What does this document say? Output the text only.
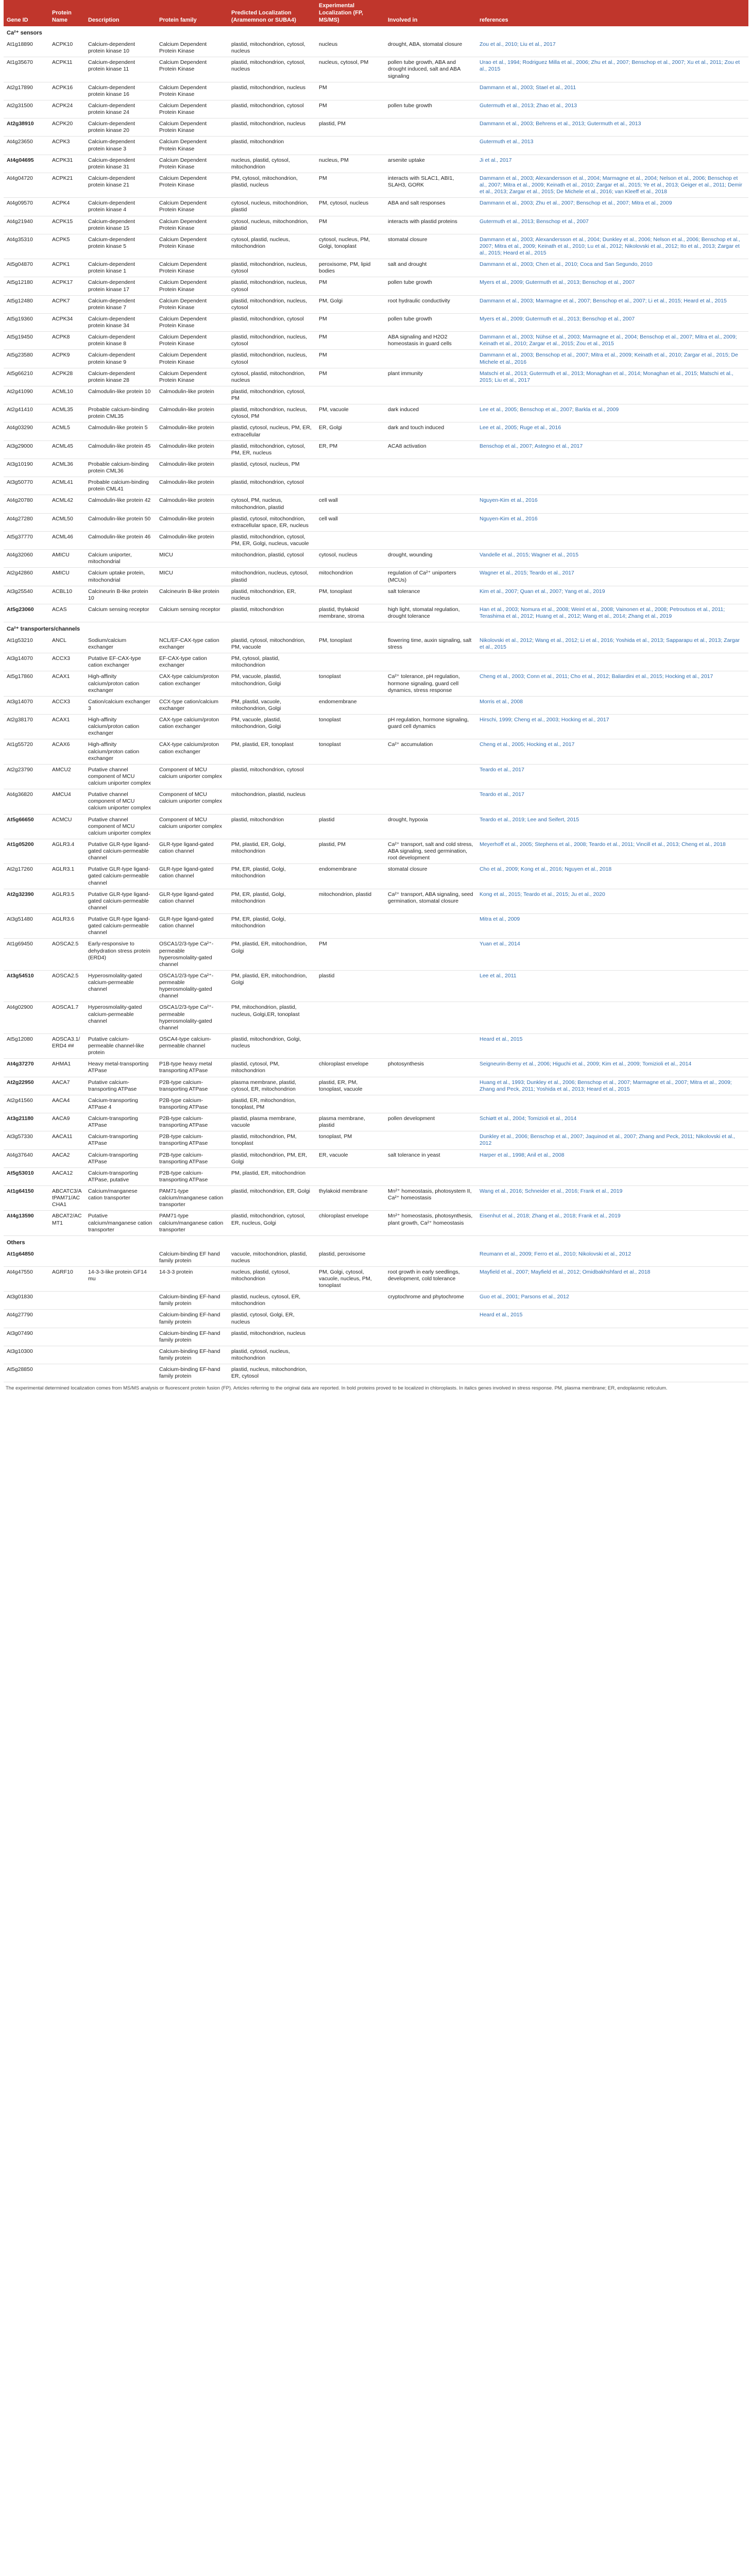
Gene ID	Protein Name	Description	Protein family	Predicted Localization (Aramemnon or SUBA4)	Experimental Localization (FP, MS/MS)	Involved in	references
Ca²⁺ sensors							
At1g18890	ACPK10	Calcium-dependent protein kinase 10	Calcium Dependent Protein Kinase	plastid, mitochondrion, cytosol, nucleus	nucleus	drought, ABA, stomatal closure	Zou et al., 2010; Liu et al., 2017
At1g35670	ACPK11	Calcium-dependent protein kinase 11	Calcium Dependent Protein Kinase	plastid, mitochondrion, cytosol, nucleus	nucleus, cytosol, PM	pollen tube growth, ABA and drought induced, salt and ABA signaling	Urao et al., 1994; Rodriguez Milla et al., 2006; Zhu et al., 2007; Benschop et al., 2007; Xu et al., 2011; Zou et al., 2015
At2g17890	ACPK16	Calcium-dependent protein kinase 16	Calcium Dependent Protein Kinase	plastid, mitochondrion, nucleus	PM		Dammann et al., 2003; Stael et al., 2011
At2g31500	ACPK24	Calcium-dependent protein kinase 24	Calcium Dependent Protein Kinase	plastid, mitochondrion, cytosol	PM	pollen tube growth	Gutermuth et al., 2013; Zhao et al., 2013
At2g38910	ACPK20	Calcium-dependent protein kinase 20	Calcium Dependent Protein Kinase	plastid, mitochondrion, nucleus	plastid, PM		Dammann et al., 2003; Behrens et al., 2013; Gutermuth et al., 2013
At4g23650	ACPK3	Calcium-dependent protein kinase 3	Calcium Dependent Protein Kinase	plastid, mitochondrion			Gutermuth et al., 2013
At4g04695	ACPK31	Calcium-dependent protein kinase 31	Calcium Dependent Protein Kinase	nucleus, plastid, cytosol, mitochondrion	nucleus, PM	arsenite uptake	Ji et al., 2017
At4g04720	ACPK21	Calcium-dependent protein kinase 21	Calcium Dependent Protein Kinase	PM, cytosol, mitochondrion, plastid, nucleus	PM	interacts with SLAC1, ABI1, SLAH3, GORK	Dammann et al., 2003; Alexandersson et al., 2004; Marmagne et al., 2004; Nelson et al., 2006; Benschop et al., 2007; Mitra et al., 2009; Keinath et al., 2010; Zargar et al., 2015; Ye et al., 2013; Geiger et al., 2011; Demir et al., 2013; Zargar et al., 2015; De Michele et al., 2016; van Kleeff et al., 2018
At4g09570	ACPK4	Calcium-dependent protein kinase 4	Calcium Dependent Protein Kinase	cytosol, nucleus, mitochondrion, plastid	PM, cytosol, nucleus	ABA and salt responses	Dammann et al., 2003; Zhu et al., 2007; Benschop et al., 2007; Mitra et al., 2009
At4g21940	ACPK15	Calcium-dependent protein kinase 15	Calcium Dependent Protein Kinase	cytosol, nucleus, mitochondrion, plastid	PM	interacts with plastid proteins	Gutermuth et al., 2013; Benschop et al., 2007
At4g35310	ACPK5	Calcium-dependent protein kinase 5	Calcium Dependent Protein Kinase	cytosol, plastid, nucleus, mitochondrion	cytosol, nucleus, PM, Golgi, tonoplast	stomatal closure	Dammann et al., 2003; Alexandersson et al., 2004; Dunkley et al., 2006; Nelson et al., 2006; Benschop et al., 2007; Mitra et al., 2009; Keinath et al., 2010; Lu et al., 2012; Nikolovski et al., 2012; Ito et al., 2013; Zargar et al., 2015; Heard et al., 2015
At5g04870	ACPK1	Calcium-dependent protein kinase 1	Calcium Dependent Protein Kinase	plastid, mitochondrion, nucleus, cytosol	peroxisome, PM, lipid bodies	salt and drought	Dammann et al., 2003; Chen et al., 2010; Coca and San Segundo, 2010
At5g12180	ACPK17	Calcium-dependent protein kinase 17	Calcium Dependent Protein Kinase	plastid, mitochondrion, nucleus, cytosol	PM	pollen tube growth	Myers et al., 2009; Gutermuth et al., 2013; Benschop et al., 2007
At5g12480	ACPK7	Calcium-dependent protein kinase 7	Calcium Dependent Protein Kinase	plastid, mitochondrion, nucleus, cytosol	PM, Golgi	root hydraulic conductivity	Dammann et al., 2003; Marmagne et al., 2007; Benschop et al., 2007; Li et al., 2015; Heard et al., 2015
At5g19360	ACPK34	Calcium-dependent protein kinase 34	Calcium Dependent Protein Kinase	plastid, mitochondrion, cytosol	PM	pollen tube growth	Myers et al., 2009; Gutermuth et al., 2013; Benschop et al., 2007
At5g19450	ACPK8	Calcium-dependent protein kinase 8	Calcium Dependent Protein Kinase	plastid, mitochondrion, nucleus, cytosol	PM	ABA signaling and H2O2 homeostasis in guard cells	Dammann et al., 2003; Nühse et al., 2003; Marmagne et al., 2004; Benschop et al., 2007; Mitra et al., 2009; Keinath et al., 2010; Zargar et al., 2015; Zou et al., 2015
At5g23580	ACPK9	Calcium-dependent protein kinase 9	Calcium Dependent Protein Kinase	plastid, mitochondrion, nucleus, cytosol	PM		Dammann et al., 2003; Benschop et al., 2007; Mitra et al., 2009; Keinath et al., 2010; Zargar et al., 2015; De Michele et al., 2016
At5g66210	ACPK28	Calcium-dependent protein kinase 28	Calcium Dependent Protein Kinase	cytosol, plastid, mitochondrion, nucleus	PM	plant immunity	Matschi et al., 2013; Gutermuth et al., 2013; Monaghan et al., 2014; Monaghan et al., 2015; Matschi et al., 2015; Liu et al., 2017
At2g41090	ACML10	Calmodulin-like protein 10	Calmodulin-like protein	plastid, mitochondrion, cytosol, PM			
At2g41410	ACML35	Probable calcium-binding protein CML35	Calmodulin-like protein	plastid, mitochondrion, nucleus, cytosol, PM	PM, vacuole	dark induced	Lee et al., 2005; Benschop et al., 2007; Barkla et al., 2009
At4g03290	ACML5	Calmodulin-like protein 5	Calmodulin-like protein	plastid, cytosol, nucleus, PM, ER, extracellular	ER, Golgi	dark and touch induced	Lee et al., 2005; Ruge et al., 2016
At3g29000	ACML45	Calmodulin-like protein 45	Calmodulin-like protein	plastid, mitochondrion, cytosol, PM, ER, nucleus	ER, PM	ACA8 activation	Benschop et al., 2007; Astegno et al., 2017
At3g10190	ACML36	Probable calcium-binding protein CML36	Calmodulin-like protein	plastid, cytosol, nucleus, PM			
At3g50770	ACML41	Probable calcium-binding protein CML41	Calmodulin-like protein	plastid, mitochondrion, cytosol			
At4g20780	ACML42	Calmodulin-like protein 42	Calmodulin-like protein	cytosol, PM, nucleus, mitochondrion, plastid	cell wall		Nguyen-Kim et al., 2016
At4g27280	ACML50	Calmodulin-like protein 50	Calmodulin-like protein	plastid, cytosol, mitochondrion, extracellular space, ER, nucleus	cell wall		Nguyen-Kim et al., 2016
At5g37770	ACML46	Calmodulin-like protein 46	Calmodulin-like protein	plastid, mitochondrion, cytosol, PM, ER, Golgi, nucleus, vacuole			
At4g32060	AMICU	Calcium uniporter, mitochondrial	MICU	mitochondrion, plastid, cytosol	cytosol, nucleus	drought, wounding	Vandelle et al., 2015; Wagner et al., 2015
At2g42860	AMICU	Calcium uptake protein, mitochondrial	MICU	mitochondrion, nucleus, cytosol, plastid	mitochondrion	regulation of Ca²⁺ uniporters (MCUs)	Wagner et al., 2015; Teardo et al., 2017
At3g25540	ACBL10	Calcineurin B-like protein 10	Calcineurin B-like protein	plastid, mitochondrion, ER, nucleus	PM, tonoplast	salt tolerance	Kim et al., 2007; Quan et al., 2007; Yang et al., 2019
At5g23060	ACAS	Calcium sensing receptor	Calcium sensing receptor	plastid, mitochondrion	plastid, thylakoid membrane, stroma	high light, stomatal regulation, drought tolerance	Han et al., 2003; Nomura et al., 2008; Weinl et al., 2008; Vainonen et al., 2008; Petroutsos et al., 2011; Terashima et al., 2012; Huang et al., 2012; Wang et al., 2014; Zhang et al., 2019
Ca²⁺ transporters/channels							
At1g53210	ANCL	Sodium/calcium exchanger	NCL/EF-CAX-type cation exchanger	plastid, cytosol, mitochondrion, PM, vacuole	PM, tonoplast	flowering time, auxin signaling, salt stress	Nikolovski et al., 2012; Wang et al., 2012; Li et al., 2016; Yoshida et al., 2013; Sapparapu et al., 2013; Zargar et al., 2015
At3g14070	ACCX3	Putative EF-CAX-type cation exchanger	EF-CAX-type cation exchanger	PM, cytosol, plastid, mitochondrion			
At5g17860	ACAX1	High-affinity calcium/proton cation exchanger	CAX-type calcium/proton cation exchanger	PM, vacuole, plastid, mitochondrion, Golgi	tonoplast	Ca²⁺ tolerance, pH regulation, hormone signaling, guard cell dynamics, stress response	Cheng et al., 2003; Conn et al., 2011; Cho et al., 2012; Baliardini et al., 2015; Hocking et al., 2017
At3g14070	ACCX3	Cation/calcium exchanger 3	CCX-type cation/calcium exchanger	PM, plastid, vacuole, mitochondrion, Golgi	endomembrane		Morris et al., 2008
At2g38170	ACAX1	High-affinity calcium/proton cation exchanger	CAX-type calcium/proton cation exchanger	PM, vacuole, plastid, mitochondrion, Golgi	tonoplast	pH regulation, hormone signaling, guard cell dynamics	Hirschi, 1999; Cheng et al., 2003; Hocking et al., 2017
At1g55720	ACAX6	High-affinity calcium/proton cation exchanger	CAX-type calcium/proton cation exchanger	PM, plastid, ER, tonoplast	tonoplast	Ca²⁺ accumulation	Cheng et al., 2005; Hocking et al., 2017
At2g23790	AMCU2	Putative channel component of MCU calcium uniporter complex	Component of MCU calcium uniporter complex	plastid, mitochondrion, cytosol			Teardo et al., 2017
At4g36820	AMCU4	Putative channel component of MCU calcium uniporter complex	Component of MCU calcium uniporter complex	mitochondrion, plastid, nucleus			Teardo et al., 2017
At5g66650	ACMCU	Putative channel component of MCU calcium uniporter complex	Component of MCU calcium uniporter complex	plastid, mitochondrion	plastid	drought, hypoxia	Teardo et al., 2019; Lee and Seifert, 2015
At1g05200	AGLR3.4	Putative GLR-type ligand-gated calcium-permeable channel	GLR-type ligand-gated cation channel	PM, plastid, ER, Golgi, mitochondrion	plastid, PM	Ca²⁺ transport, salt and cold stress, ABA signaling, seed germination, root development	Meyerhoff et al., 2005; Stephens et al., 2008; Teardo et al., 2011; Vincill et al., 2013; Cheng et al., 2018
At2g17260	AGLR3.1	Putative GLR-type ligand-gated calcium-permeable channel	GLR-type ligand-gated cation channel	PM, ER, plastid, Golgi, mitochondrion	endomembrane	stomatal closure	Cho et al., 2009; Kong et al., 2016; Nguyen et al., 2018
At2g32390	AGLR3.5	Putative GLR-type ligand-gated calcium-permeable channel	GLR-type ligand-gated cation channel	PM, ER, plastid, Golgi, mitochondrion	mitochondrion, plastid	Ca²⁺ transport, ABA signaling, seed germination, stomatal closure	Kong et al., 2015; Teardo et al., 2015; Ju et al., 2020
At3g51480	AGLR3.6	Putative GLR-type ligand-gated calcium-permeable channel	GLR-type ligand-gated cation channel	PM, ER, plastid, Golgi, mitochondrion			Mitra et al., 2009
At1g69450	AOSCA2.5	Early-responsive to dehydration stress protein (ERD4)	OSCA1/2/3-type Ca²⁺-permeable hyperosmolality-gated channel	PM, plastid, ER, mitochondrion, Golgi	PM		Yuan et al., 2014
At3g54510	AOSCA2.5	Hyperosmolality-gated calcium-permeable channel	OSCA1/2/3-type Ca²⁺-permeable hyperosmolality-gated channel	PM, plastid, ER, mitochondrion, Golgi	plastid		Lee et al., 2011
At4g02900	AOSCA1.7	Hyperosmolality-gated calcium-permeable channel	OSCA1/2/3-type Ca²⁺-permeable hyperosmolality-gated channel	PM, mitochondrion, plastid, nucleus, Golgi,ER, tonoplast			
At5g12080	AOSCA3.1/ERD4 ##	Putative calcium-permeable channel-like protein	OSCA4-type calcium-permeable channel	plastid, mitochondrion, Golgi, nucleus			Heard et al., 2015
At4g37270	AHMA1	Heavy metal-transporting ATPase	P1B-type heavy metal transporting ATPase	plastid, cytosol, PM, mitochondrion	chloroplast envelope	photosynthesis	Seigneurin-Berny et al., 2006; Higuchi et al., 2009; Kim et al., 2009; Tomizioli et al., 2014
At2g22950	AACA7	Putative calcium-transporting ATPase	P2B-type calcium-transporting ATPase	plasma membrane, plastid, cytosol, ER, mitochondrion	plastid, ER, PM, tonoplast, vacuole		Huang et al., 1993; Dunkley et al., 2006; Benschop et al., 2007; Marmagne et al., 2007; Mitra et al., 2009; Zhang and Peck, 2011; Yoshida et al., 2013; Heard et al., 2015
At2g41560	AACA4	Calcium-transporting ATPase 4	P2B-type calcium-transporting ATPase	plastid, ER, mitochondrion, tonoplast, PM			
At3g21180	AACA9	Calcium-transporting ATPase	P2B-type calcium-transporting ATPase	plastid, plasma membrane, vacuole	plasma membrane, plastid	pollen development	Schiøtt et al., 2004; Tomizioli et al., 2014
At3g57330	AACA11	Calcium-transporting ATPase	P2B-type calcium-transporting ATPase	plastid, mitochondrion, PM, tonoplast	tonoplast, PM		Dunkley et al., 2006; Benschop et al., 2007; Jaquinod et al., 2007; Zhang and Peck, 2011; Nikolovski et al., 2012
At4g37640	AACA2	Calcium-transporting ATPase	P2B-type calcium-transporting ATPase	plastid, mitochondrion, PM, ER, Golgi	ER, vacuole	salt tolerance in yeast	Harper et al., 1998; Anil et al., 2008
At5g53010	AACA12	Calcium-transporting ATPase, putative	P2B-type calcium-transporting ATPase	PM, plastid, ER, mitochondrion			
At1g64150	ABCATC3/AtPAM71/ACCHA1	Calcium/manganese cation transporter	PAM71-type calcium/manganese cation transporter	plastid, mitochondrion, ER, Golgi	thylakoid membrane	Mn²⁺ homeostasis, photosystem II, Ca²⁺ homeostasis	Wang et al., 2016; Schneider et al., 2016; Frank et al., 2019
At4g13590	ABCAT2/ACMT1	Putative calcium/manganese cation transporter	PAM71-type calcium/manganese cation transporter	plastid, mitochondrion, cytosol, ER, nucleus, Golgi	chloroplast envelope	Mn²⁺ homeostasis, photosynthesis, plant growth, Ca²⁺ homeostasis	Eisenhut et al., 2018; Zhang et al., 2018; Frank et al., 2019
Others							
At1g64850			Calcium-binding EF hand family protein	vacuole, mitochondrion, plastid, nucleus	plastid, peroxisome		Reumann et al., 2009; Ferro et al., 2010; Nikolovski et al., 2012
At4g47550	AGRF10	14-3-3-like protein GF14 mu	14-3-3 protein	nucleus, plastid, cytosol, mitochondrion	PM, Golgi, cytosol, vacuole, nucleus, PM, tonoplast	root growth in early seedlings, development, cold tolerance	Mayfield et al., 2007; Mayfield et al., 2012; Omidbakhshfard et al., 2018
At3g01830			Calcium-binding EF-hand family protein	plastid, nucleus, cytosol, ER, mitochondrion		cryptochrome and phytochrome	Guo et al., 2001; Parsons et al., 2012
At4g27790			Calcium-binding EF-hand family protein	plastid, cytosol, Golgi, ER, nucleus			Heard et al., 2015
At3g07490			Calcium-binding EF-hand family protein	plastid, mitochondrion, nucleus			
At3g10300			Calcium-binding EF-hand family protein	plastid, cytosol, nucleus, mitochondrion			
At5g28850			Calcium-binding EF-hand family protein	plastid, nucleus, mitochondrion, ER, cytosol			
The experimental determined localization comes from MS/MS analysis or fluorescent protein fusion (FP). Articles referring to the original data are reported. In bold proteins proved to be localized in chloroplasts. In italics genes involved in stress response. PM, plasma membrane; ER, endoplasmic reticulum.
